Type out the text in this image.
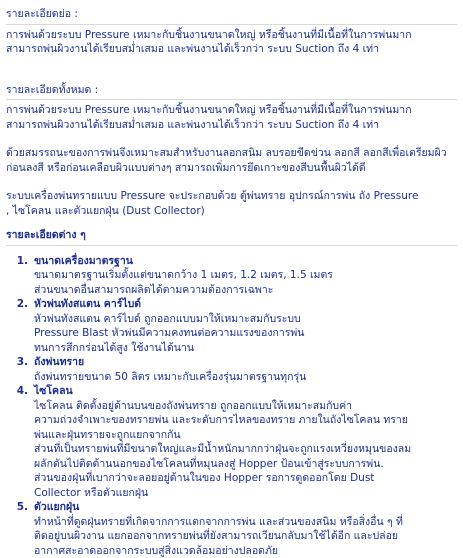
รายละเอียดย่อ :

การพ่นด้วยระบบ Pressure เหมาะกับชิ้นงานขนาดใหญ่ หรือชิ้นงานที่มีเนื้อที่ในการพ่นมาก

สามารถพ่นผิวงานได้เรียบสม่ำเสมอ และพ่นงานได้เร็วกว่า ระบบ Suction ถึง 4 เท่า

รายละเอียดทั้งหมด :

การพ่นด้วยระบบ Pressure เหมาะกับชิ้นงานขนาดใหญ่ หรือชิ้นงานที่มีเนื้อที่ในการพ่นมาก

สามารถพ่นผิวงานได้เรียบสม่ำเสมอ และพ่นงานได้เร็วกว่า ระบบ Suction ถึง 4 เท่า

ด้วยสมรรถนะของการพ่นจึงเหมาะสมสำหรับงานลอกสนิม ลบรอยขีดข่วน ลอกสี ลอกสีเพื่อเตรียมผิว

ก่อนลงสี หรือก่อนเคลือบผิวแบบต่างๆ สามารถเพิ่มการยึดเกาะของสีบนพื้นผิวได้ดี

ระบบเครื่องพ่นทรายแบบ Pressure จะประกอบด้วย ตู้พ่นทราย อุปกรณ์การพ่น ถัง Pressure

, ไซโคลน และตัวแยกฝุ่น (Dust Collector)

รายละเอียดต่าง ๆ

1. ขนาดเครื่องมาตรฐาน
ขนาดมาตรฐานเริ่มตั้งแต่ขนาดกว้าง 1 เมตร, 1.2 เมตร, 1.5 เมตร
ส่วนขนาดอื่นสามารถผลิตได้ตามความต้องการเฉพาะ
2. หัวพ่นทังสแตน คาร์ไบด์
หัวพ่นทังสแตน คาร์ไบด์ ถูกออกแบบมาให้เหมาะสมกับระบบ
Pressure Blast หัวพ่นมีความคงทนต่อความแรงของการพ่น
ทนการสึกกร่อนได้สูง ใช้งานได้นาน
3. ถังพ่นทราย
ถังพ่นทรายขนาด 50 ลิตร เหมาะกับเครื่องรุ่นมาตรฐานทุกรุ่น
4. ไซโคลน
ไซโคลน ติดตั้งอยู่ด้านบนของถังพ่นทราย ถูกออกแบบให้เหมาะสมกับค่า
ความถ่วงจำเพาะของทรายพ่น และระดับการไหลของทราย ภายในถังไซโคลน ทราย
พ่นและฝุ่นทรายจะถูกแยกจากกัน
ส่วนที่เป็นทรายพ่นที่มีขนาดใหญ่และมีน้ำหนักมากกว่าฝุ่นจะถูกแรงเหวี่ยงหมุนของลม
ผลักดันไปติดด้านนอกของไซโคลนที่หมุนลงสู่ Hopper ป้อนเข้าสู่ระบบการพ่น.
ส่วนของฝุ่นที่เบากว่าจะลอยอยู่ด้านในของ Hopper รอการดูดออกโดย Dust
Collector หรือตัวแยกฝุ่น
5. ตัวแยกฝุ่น
ทำหน้าที่ดูดฝุ่นทรายที่เกิดจากการแตกจากการพ่น และส่วนของสนิม หรือสิ่งอื่น ๆ ที่
ติดอยู่บนผิวงาน แยกออกจากทรายพ่นที่ยังสามารถเวียนกลับมาใช้ได้อีก และปล่อย
อากาศสะอาดออกจากระบบสู่สิ่งแวดล้อมอย่างปลอดภัย
